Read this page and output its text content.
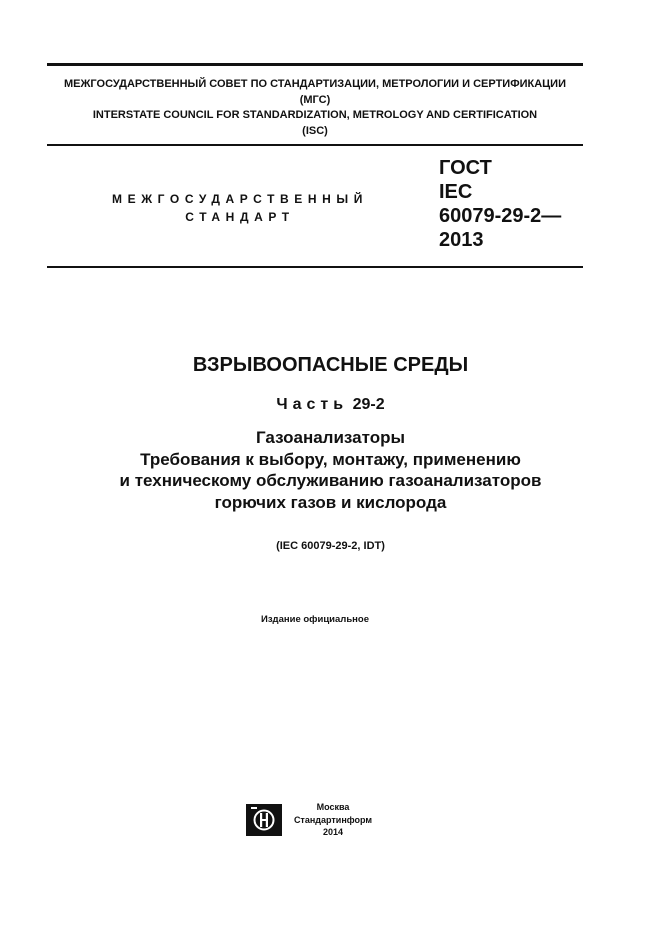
МЕЖГОСУДАРСТВЕННЫЙ СОВЕТ ПО СТАНДАРТИЗАЦИИ, МЕТРОЛОГИИ И СЕРТИФИКАЦИИ
(МГС)
INTERSTATE COUNCIL FOR STANDARDIZATION, METROLOGY AND CERTIFICATION
(ISC)
МЕЖГОСУДАРСТВЕННЫЙ
СТАНДАРТ
ГОСТ
IEC
60079-29-2—
2013
ВЗРЫВООПАСНЫЕ СРЕДЫ
Часть 29-2
Газоанализаторы
Требования к выбору, монтажу, применению
и техническому обслуживанию газоанализаторов
горючих газов и кислорода
(IEC 60079-29-2, IDT)
Издание официальное
Москва
Стандартинформ
2014
